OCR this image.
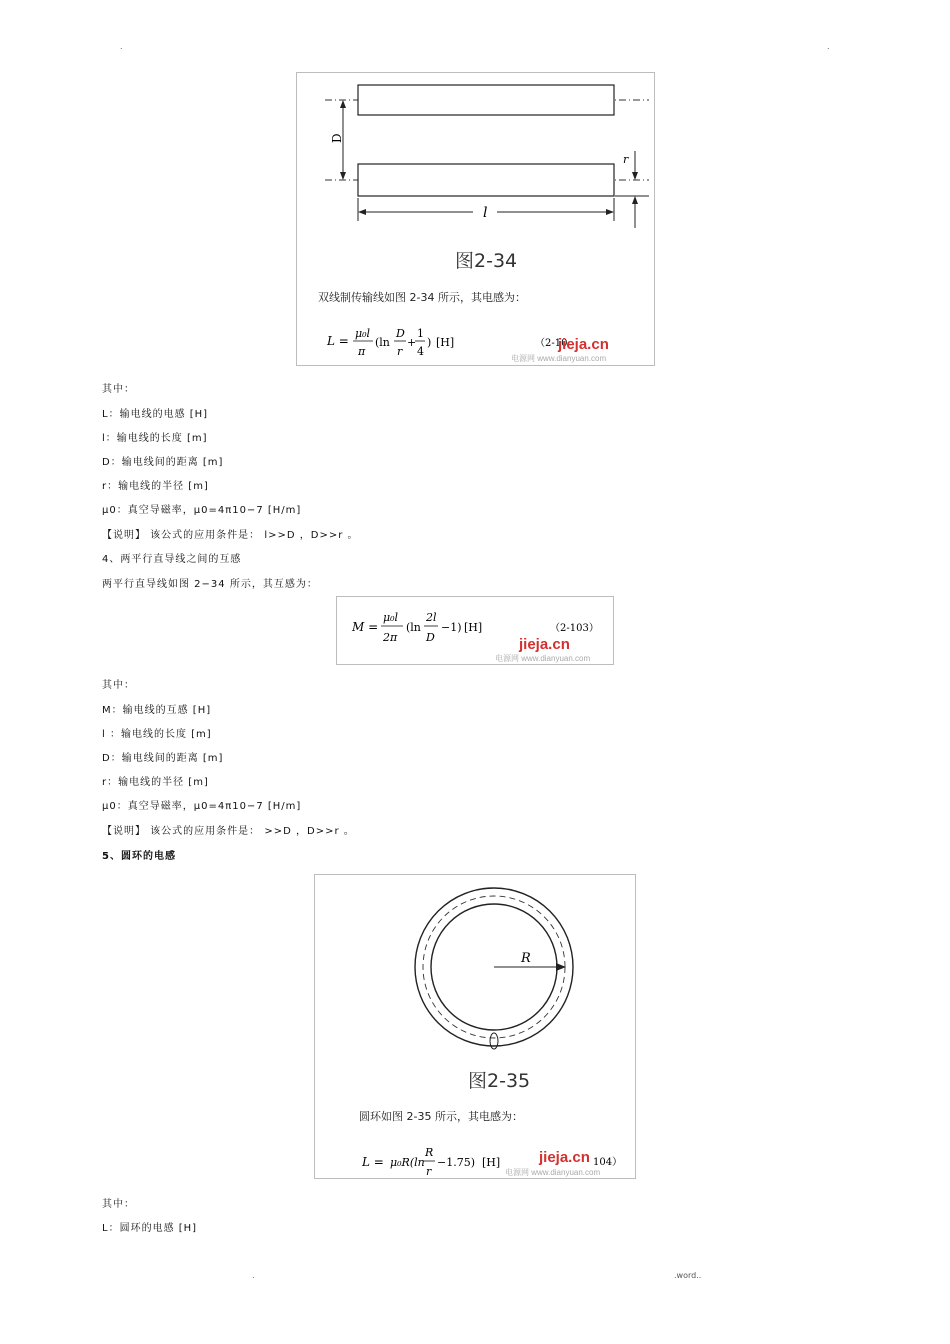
.	.
D
r
l
图2-34
双线制传输线如图 2-34 所示，其电感为：
L =
μ₀l
π
(ln
D
r
+
1
4
) [H]	（2-10
jieja.cn
电源网 www.dianyuan.com
其中：
L：输电线的电感 [H]
l：输电线的长度 [m]
D：输电线间的距离 [m]
r：输电线的半径 [m]
μ0：真空导磁率，μ0=4π10−7 [H/m]
【说明】 该公式的应用条件是： l>>D ，D>>r 。
4、两平行直导线之间的互感
两平行直导线如图 2−34 所示，其互感为：
M =
μ₀l
2π
(ln
2l
D
−1) [H]	（2-103）
jieja.cn
电源网 www.dianyuan.com
其中：
M：输电线的互感 [H]
l ：输电线的长度 [m]
D：输电线间的距离 [m]
r：输电线的半径 [m]
μ0：真空导磁率，μ0=4π10−7 [H/m]
【说明】 该公式的应用条件是： >>D ，D>>r 。
5、圆环的电感
R
图2-35
圆环如图 2-35 所示，其电感为：
L = μ₀R(ln
R
r
−1.75) [H]	104）
jieja.cn
电源网 www.dianyuan.com
其中：
L：圆环的电感 [H]
.	.word..
